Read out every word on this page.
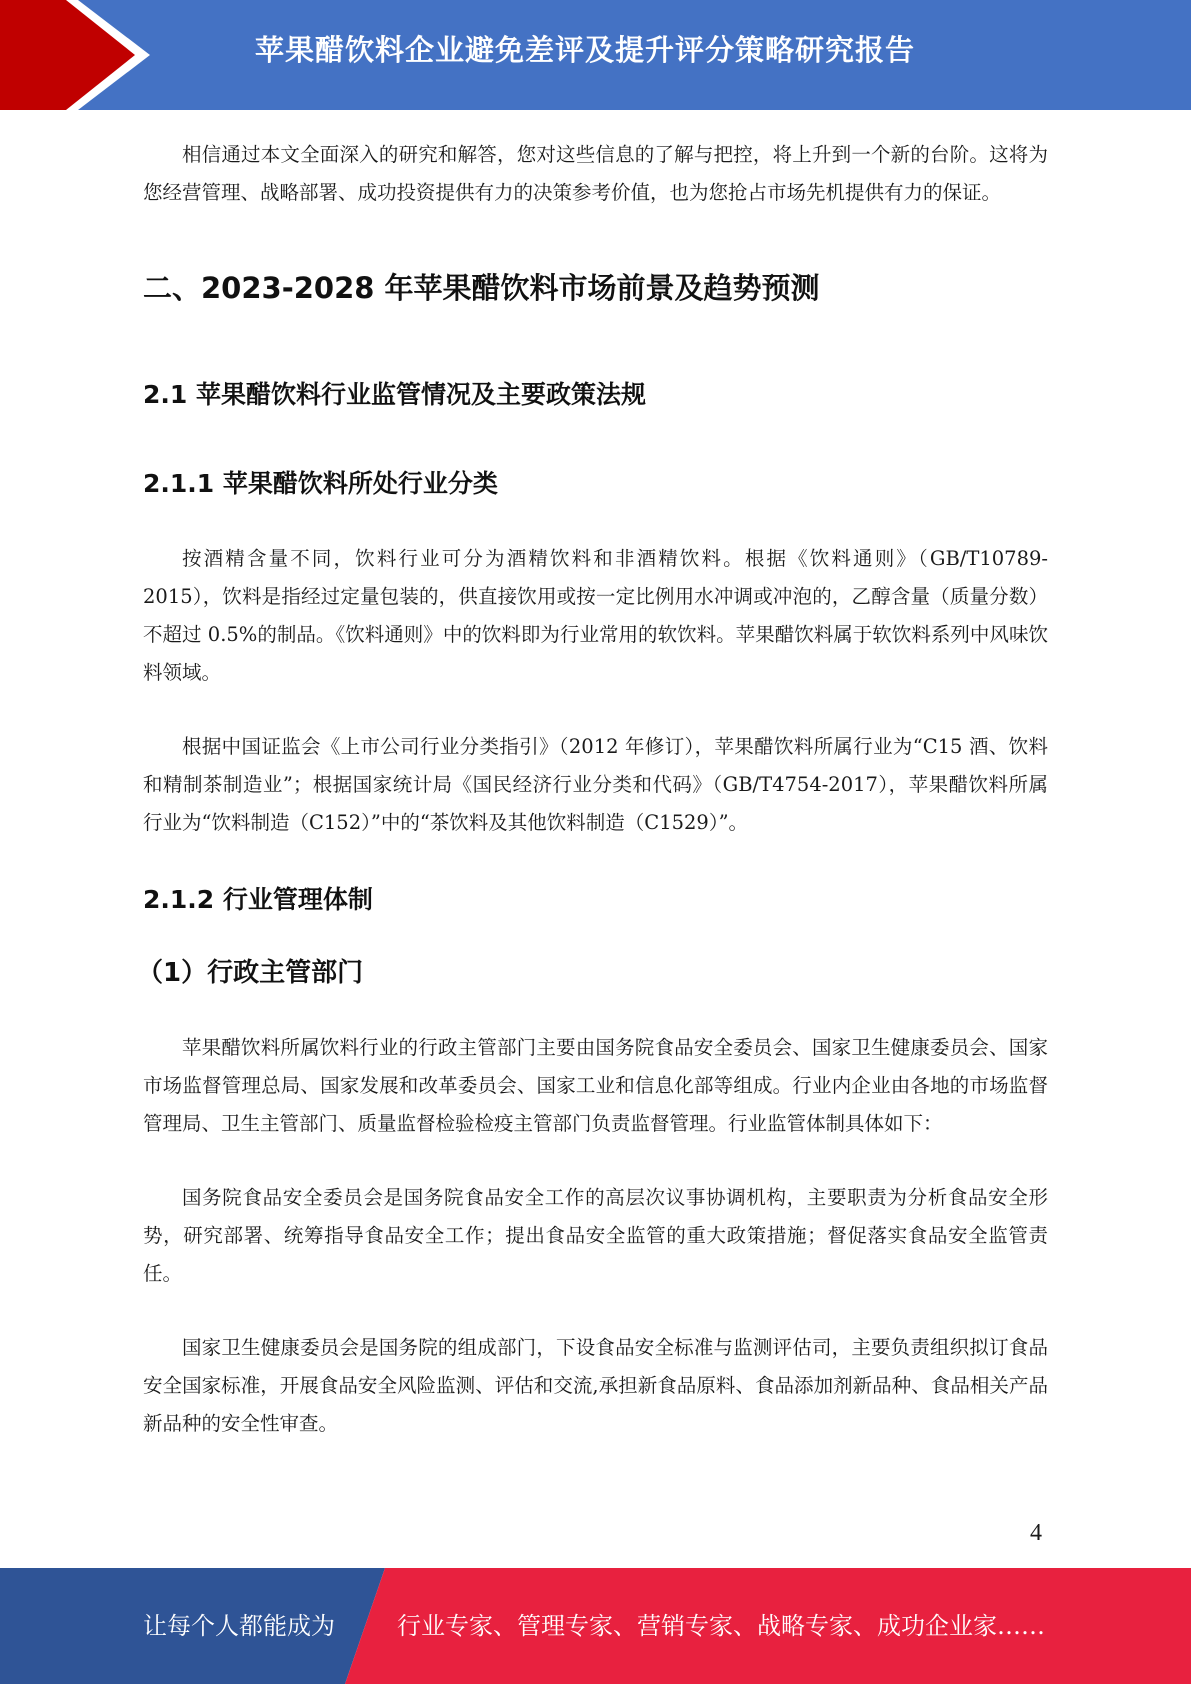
苹果醋饮料企业避免差评及提升评分策略研究报告

相信通过本文全面深入的研究和解答，您对这些信息的了解与把控，将上升到一个新的台阶。这将为您经营管理、战略部署、成功投资提供有力的决策参考价值，也为您抢占市场先机提供有力的保证。

二、2023-2028 年苹果醋饮料市场前景及趋势预测
2.1 苹果醋饮料行业监管情况及主要政策法规
2.1.1 苹果醋饮料所处行业分类

按酒精含量不同，饮料行业可分为酒精饮料和非酒精饮料。根据《饮料通则》（GB/T10789-2015），饮料是指经过定量包装的，供直接饮用或按一定比例用水冲调或冲泡的，乙醇含量（质量分数）不超过 0.5%的制品。《饮料通则》中的饮料即为行业常用的软饮料。苹果醋饮料属于软饮料系列中风味饮料领域。

根据中国证监会《上市公司行业分类指引》（2012 年修订），苹果醋饮料所属行业为“C15 酒、饮料和精制茶制造业”；根据国家统计局《国民经济行业分类和代码》（GB/T4754-2017），苹果醋饮料所属行业为“饮料制造（C152）”中的“茶饮料及其他饮料制造（C1529）”。

2.1.2 行业管理体制
（1）行政主管部门

苹果醋饮料所属饮料行业的行政主管部门主要由国务院食品安全委员会、国家卫生健康委员会、国家市场监督管理总局、国家发展和改革委员会、国家工业和信息化部等组成。行业内企业由各地的市场监督管理局、卫生主管部门、质量监督检验检疫主管部门负责监督管理。行业监管体制具体如下：

国务院食品安全委员会是国务院食品安全工作的高层次议事协调机构，主要职责为分析食品安全形势，研究部署、统筹指导食品安全工作；提出食品安全监管的重大政策措施；督促落实食品安全监管责任。

国家卫生健康委员会是国务院的组成部门，下设食品安全标准与监测评估司，主要负责组织拟订食品安全国家标准，开展食品安全风险监测、评估和交流,承担新食品原料、食品添加剂新品种、食品相关产品新品种的安全性审查。

4
让每个人都能成为	行业专家、管理专家、营销专家、战略专家、成功企业家……
